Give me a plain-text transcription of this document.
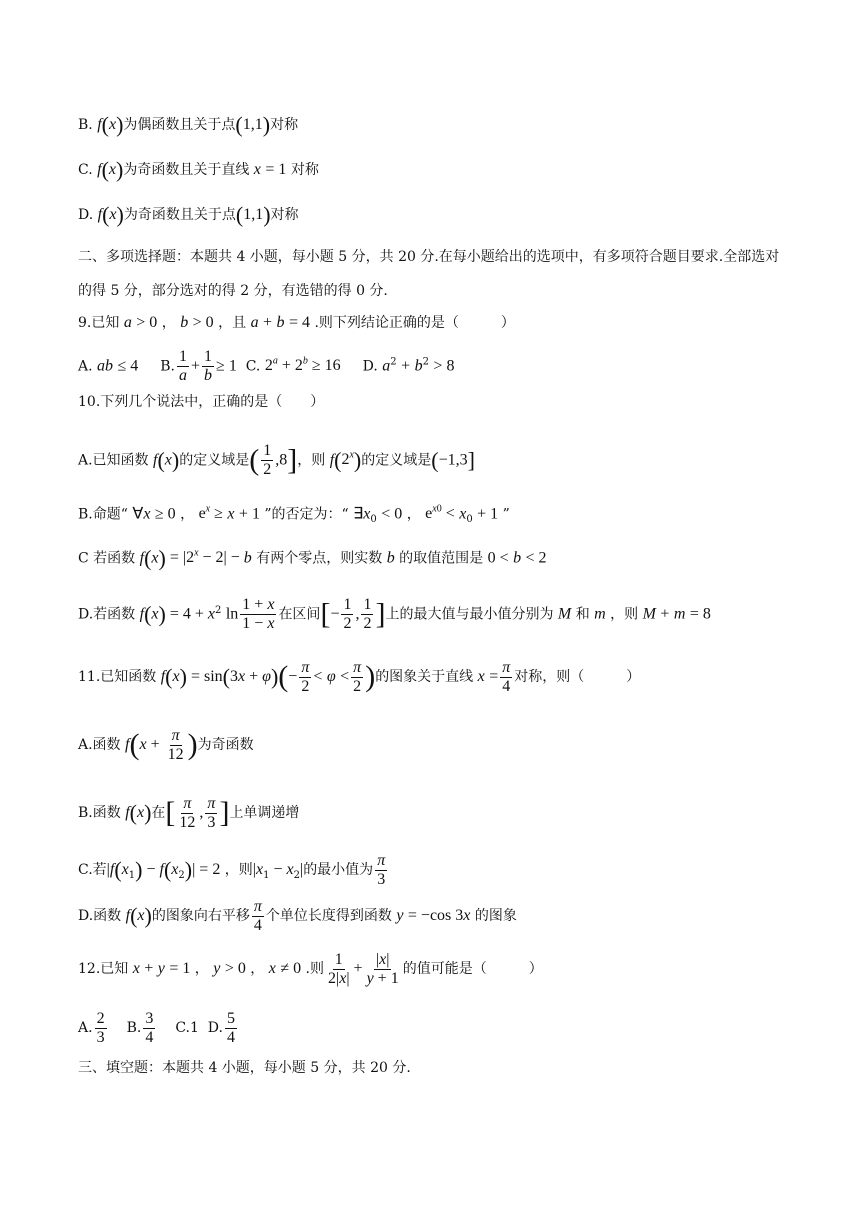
B. f(x)为偶函数且关于点(1,1)对称
C. f(x)为奇函数且关于直线 x = 1 对称
D. f(x)为奇函数且关于点(1,1)对称
二、多项选择题：本题共 4 小题，每小题 5 分，共 20 分.在每小题给出的选项中，有多项符合题目要求.全部选对的得 5 分，部分选对的得 2 分，有选错的得 0 分.
9.已知 a > 0 ， b > 0 ，且 a + b = 4 .则下列结论正确的是（　　　）
A. ab ≤ 4 B. $\frac{1}{a} + \frac{1}{b} \ge 1$  C. $2^a + 2^b \ge 16$ D. $a^2 + b^2 > 8$
10.下列几个说法中，正确的是（　　）
A.已知函数 f(x)的定义域是( $\frac{1}{2} ,8$]，则 f(2$^x$)的定义域是(−1,3]
B.命题“ ∀x ≥ 0 ， $e^x \ge x + 1$ ”的否定为：“ $\exists x_0 < 0$ ， $e^{x0} < x_0 + 1$ ”
C 若函数 $f(x) = |2^x - 2| - b$ 有两个零点，则实数 b 的取值范围是 0 < b < 2
D.若函数 $f(x) = 4 + x^2$ $\ln \frac{1 + x}{1 - x}$ 在区间[− $\frac{1}{2}$ , $\frac{1}{2}$ ]上的最大值与最小值分别为 M 和 m ，则 M + m = 8
11.已知函数 $f(x) = \sin(3x + \varphi)(- \frac{\pi}{2} < \varphi < \frac{\pi}{2}$ )的图象关于直线 $x = \frac{\pi}{4}$ 对称，则（　　　）
A.函数 $f(x + \frac{\pi}{12}$ )为奇函数
B.函数 f(x)在[ $\frac{\pi}{12}$ , $\frac{\pi}{3}$ ]上单调递增
C.若$|f(x_1) - f(x_2)| = 2$ ，则$|x_1 - x_2|$的最小值为 $\frac{\pi}{3}$
D.函数 f(x)的图象向右平移 $\frac{\pi}{4}$ 个单位长度得到函数 y = −cos 3x 的图象
12.已知 x + y = 1 ， y > 0 ， x ≠ 0 .则 $\frac{1}{2|x|} + \frac{|x|}{y + 1}$ 的值可能是（　　　）
A. $\frac{2}{3} B$. $\frac{3}{4} C.1$  D. $\frac{5}{4}$
三、填空题：本题共 4 小题，每小题 5 分，共 20 分.
